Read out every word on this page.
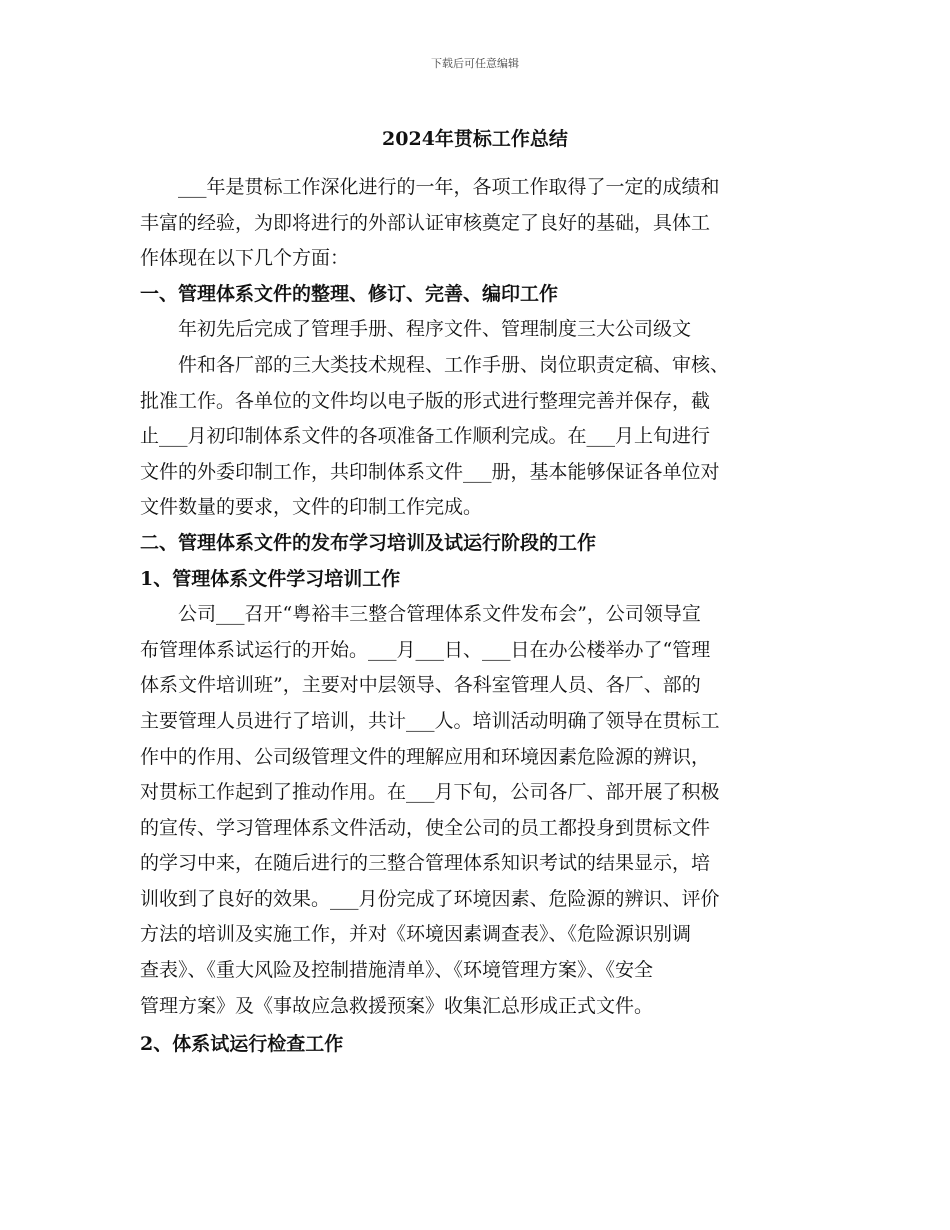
下载后可任意编辑
2024年贯标工作总结

___年是贯标工作深化进行的一年，各项工作取得了一定的成绩和

丰富的经验，为即将进行的外部认证审核奠定了良好的基础，具体工

作体现在以下几个方面：

一、管理体系文件的整理、修订、完善、编印工作

年初先后完成了管理手册、程序文件、管理制度三大公司级文

件和各厂部的三大类技术规程、工作手册、岗位职责定稿、审核、

批准工作。各单位的文件均以电子版的形式进行整理完善并保存，截

止___月初印制体系文件的各项准备工作顺利完成。在___月上旬进行

文件的外委印制工作，共印制体系文件___册，基本能够保证各单位对

文件数量的要求，文件的印制工作完成。

二、管理体系文件的发布学习培训及试运行阶段的工作

1、管理体系文件学习培训工作

公司___召开“粤裕丰三整合管理体系文件发布会”，公司领导宣

布管理体系试运行的开始。___月___日、___日在办公楼举办了“管理

体系文件培训班”，主要对中层领导、各科室管理人员、各厂、部的

主要管理人员进行了培训，共计___人。培训活动明确了领导在贯标工

作中的作用、公司级管理文件的理解应用和环境因素危险源的辨识，

对贯标工作起到了推动作用。在___月下旬，公司各厂、部开展了积极

的宣传、学习管理体系文件活动，使全公司的员工都投身到贯标文件

的学习中来，在随后进行的三整合管理体系知识考试的结果显示，培

训收到了良好的效果。___月份完成了环境因素、危险源的辨识、评价

方法的培训及实施工作，并对《环境因素调查表》、《危险源识别调

查表》、《重大风险及控制措施清单》、《环境管理方案》、《安全

管理方案》及《事故应急救援预案》收集汇总形成正式文件。

2、体系试运行检查工作
